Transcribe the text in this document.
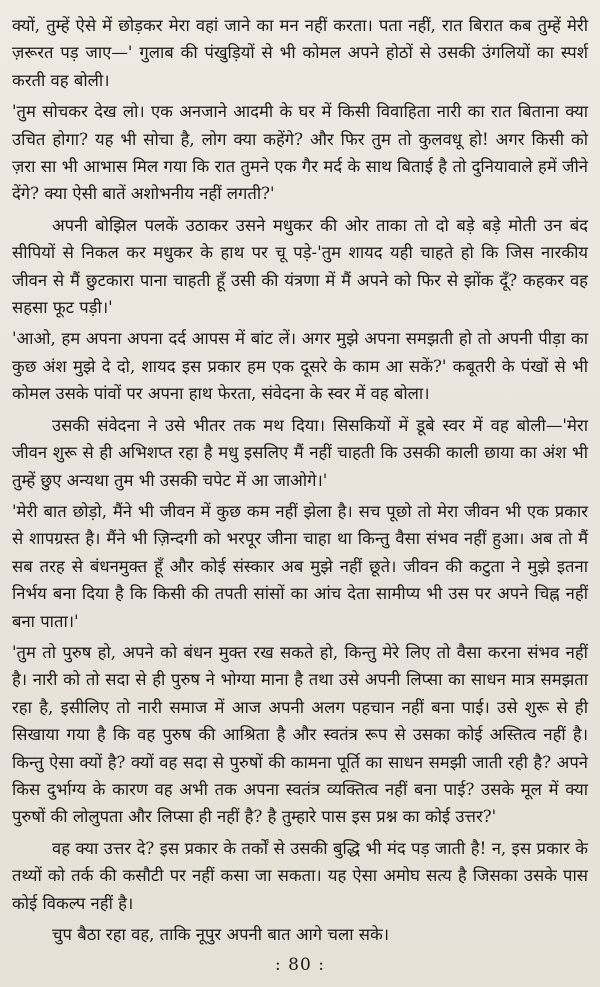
क्यों, तुम्हें ऐसे में छोड़कर मेरा वहां जाने का मन नहीं करता। पता नहीं, रात बिरात कब तुम्हें मेरी ज़रूरत पड़ जाए—' गुलाब की पंखुड़ियों से भी कोमल अपने होठों से उसकी उंगलियों का स्पर्श करती वह बोली।

'तुम सोचकर देख लो। एक अनजाने आदमी के घर में किसी विवाहिता नारी का रात बिताना क्या उचित होगा? यह भी सोचा है, लोग क्या कहेंगे? और फिर तुम तो कुलवधू हो! अगर किसी को ज़रा सा भी आभास मिल गया कि रात तुमने एक गैर मर्द के साथ बिताई है तो दुनियावाले हमें जीने देंगे? क्या ऐसी बातें अशोभनीय नहीं लगती?'

अपनी बोझिल पलकें उठाकर उसने मधुकर की ओर ताका तो दो बड़े बड़े मोती उन बंद सीपियों से निकल कर मधुकर के हाथ पर चू पड़े-'तुम शायद यही चाहते हो कि जिस नारकीय जीवन से मैं छुटकारा पाना चाहती हूँ उसी की यंत्रणा में मैं अपने को फिर से झोंक दूँ? कहकर वह सहसा फूट पड़ी।'

'आओ, हम अपना अपना दर्द आपस में बांट लें। अगर मुझे अपना समझती हो तो अपनी पीड़ा का कुछ अंश मुझे दे दो, शायद इस प्रकार हम एक दूसरे के काम आ सकें?' कबूतरी के पंखों से भी कोमल उसके पांवों पर अपना हाथ फेरता, संवेदना के स्वर में वह बोला।

उसकी संवेदना ने उसे भीतर तक मथ दिया। सिसकियों में डूबे स्वर में वह बोली—'मेरा जीवन शुरू से ही अभिशप्त रहा है मधु इसलिए मैं नहीं चाहती कि उसकी काली छाया का अंश भी तुम्हें छुए अन्यथा तुम भी उसकी चपेट में आ जाओगे।'

'मेरी बात छोड़ो, मैंने भी जीवन में कुछ कम नहीं झेला है। सच पूछो तो मेरा जीवन भी एक प्रकार से शापग्रस्त है। मैंने भी ज़िन्दगी को भरपूर जीना चाहा था किन्तु वैसा संभव नहीं हुआ। अब तो मैं सब तरह से बंधनमुक्त हूँ और कोई संस्कार अब मुझे नहीं छूते। जीवन की कटुता ने मुझे इतना निर्भय बना दिया है कि किसी की तपती सांसों का आंच देता सामीप्य भी उस पर अपने चिह्न नहीं बना पाता।'

'तुम तो पुरुष हो, अपने को बंधन मुक्त रख सकते हो, किन्तु मेरे लिए तो वैसा करना संभव नहीं है। नारी को तो सदा से ही पुरुष ने भोग्या माना है तथा उसे अपनी लिप्सा का साधन मात्र समझता रहा है, इसीलिए तो नारी समाज में आज अपनी अलग पहचान नहीं बना पाई। उसे शुरू से ही सिखाया गया है कि वह पुरुष की आश्रिता है और स्वतंत्र रूप से उसका कोई अस्तित्व नहीं है। किन्तु ऐसा क्यों है? क्यों वह सदा से पुरुषों की कामना पूर्ति का साधन समझी जाती रही है? अपने किस दुर्भाग्य के कारण वह अभी तक अपना स्वतंत्र व्यक्तित्व नहीं बना पाई? उसके मूल में क्या पुरुषों की लोलुपता और लिप्सा ही नहीं है? है तुम्हारे पास इस प्रश्न का कोई उत्तर?'

वह क्या उत्तर दे? इस प्रकार के तर्कों से उसकी बुद्धि भी मंद पड़ जाती है! न, इस प्रकार के तथ्यों को तर्क की कसौटी पर नहीं कसा जा सकता। यह ऐसा अमोघ सत्य है जिसका उसके पास कोई विकल्प नहीं है।

चुप बैठा रहा वह, ताकि नूपुर अपनी बात आगे चला सके।

: 80 :
